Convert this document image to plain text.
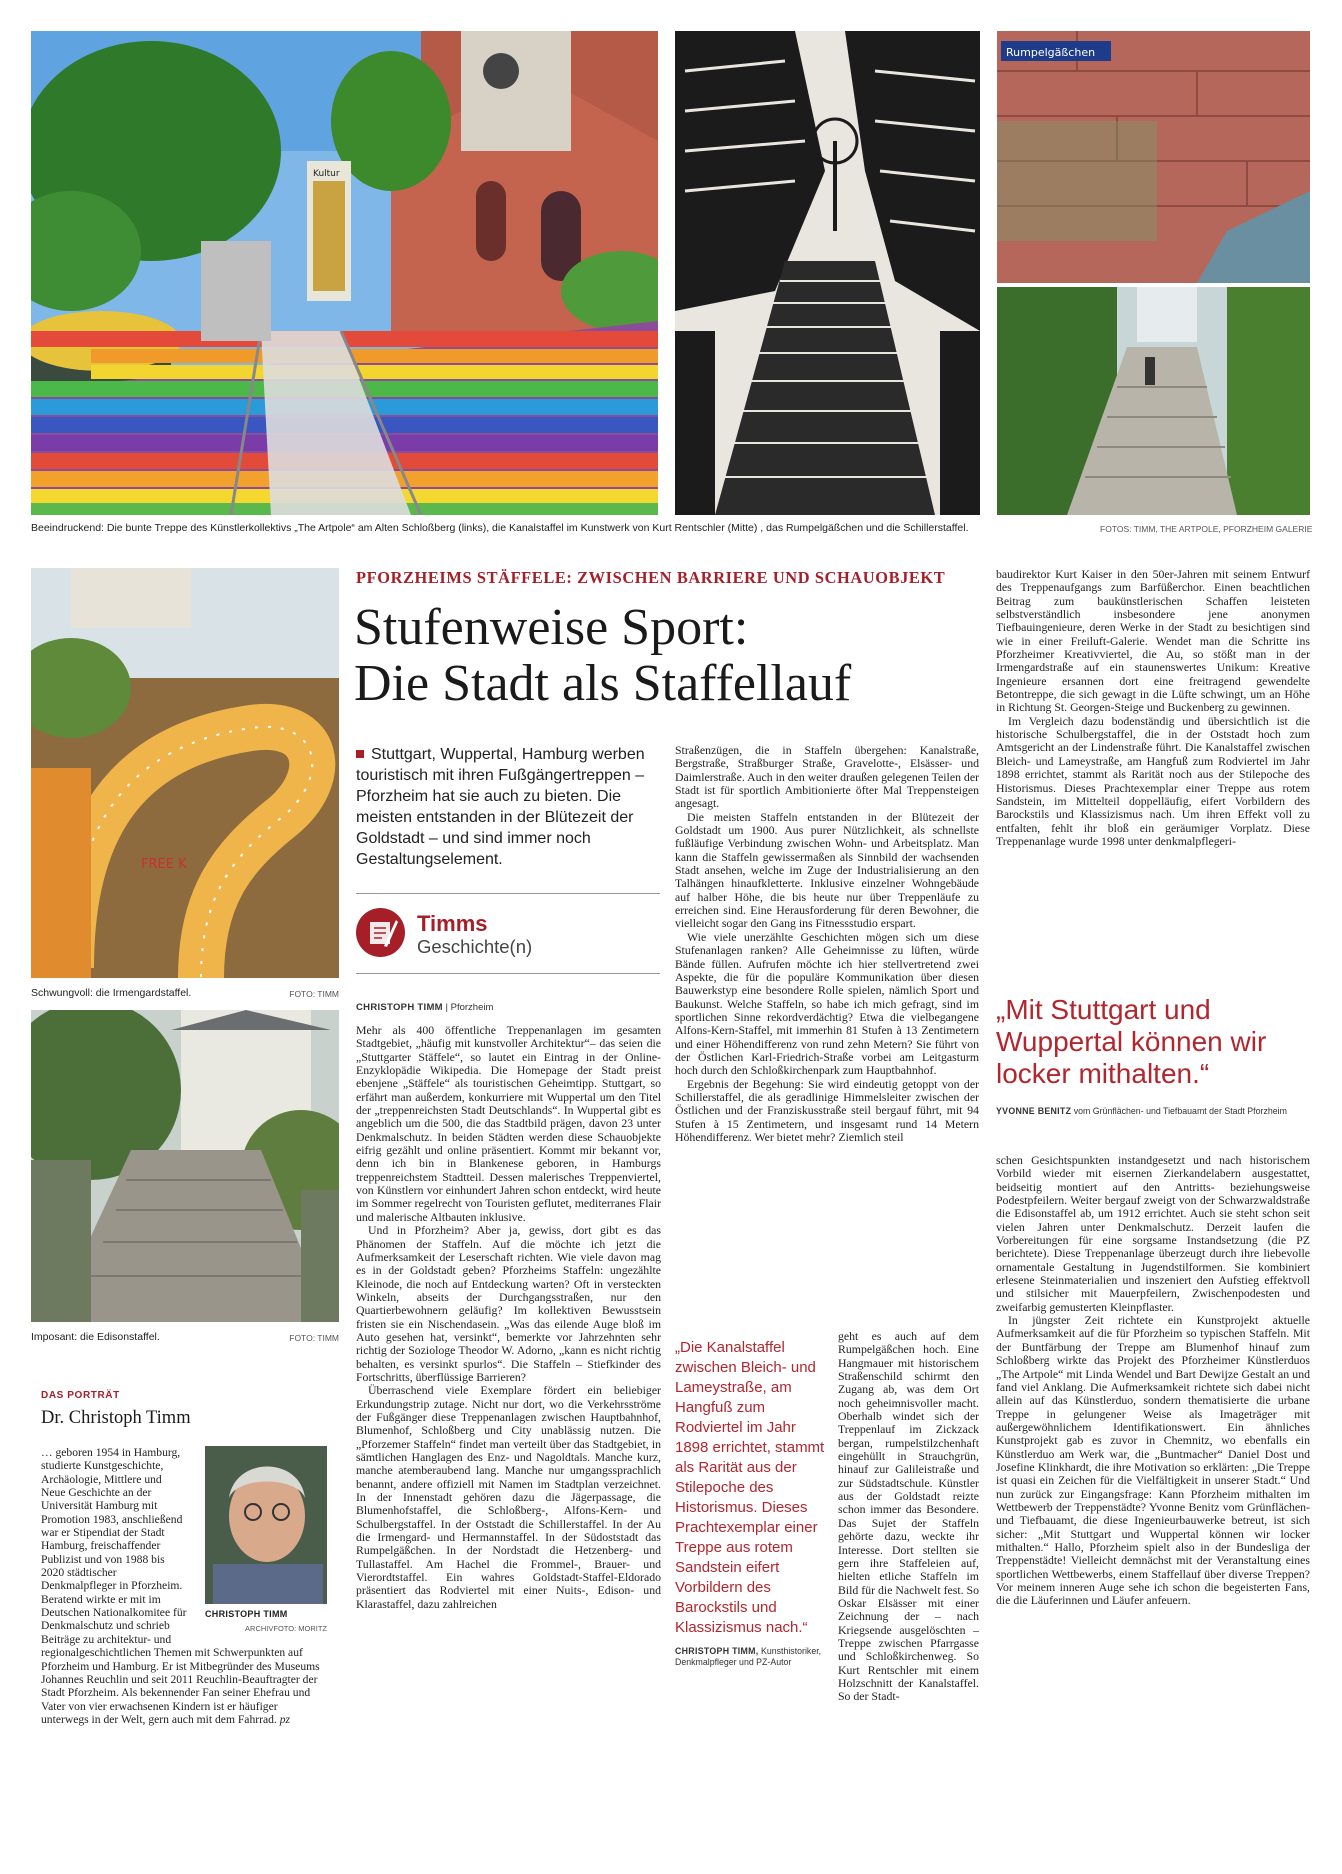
Kultur
Rumpelgäßchen
Beeindruckend: Die bunte Treppe des Künstlerkollektivs „The Artpole“ am Alten Schloßberg (links), die Kanalstaffel im Kunstwerk von Kurt Rentschler (Mitte) , das Rumpelgäßchen und die Schillerstaffel.	FOTOS: TIMM, THE ARTPOLE, PFORZHEIM GALERIE
FREE K
Schwungvoll: die Irmengardstaffel.	FOTO: TIMM
Imposant: die Edisonstaffel.	FOTO: TIMM
DAS PORTRÄT
Dr. Christoph Timm
CHRISTOPH TIMM
ARCHIVFOTO: MORITZ
… geboren 1954 in Hamburg, studierte Kunstgeschichte, Archäologie, Mittlere und Neue Geschichte an der Universität Hamburg mit Promotion 1983, anschließend war er Stipendiat der Stadt Hamburg, freischaffender Publizist und von 1988 bis 2020 städtischer Denkmalpfleger in Pforzheim. Beratend wirkte er mit im Deutschen Nationalkomitee für Denkmalschutz und schrieb Beiträge zu architektur- und regionalgeschichtlichen Themen mit Schwerpunkten auf Pforzheim und Hamburg. Er ist Mitbegründer des Museums Johannes Reuchlin und seit 2011 Reuchlin-Beauftragter der Stadt Pforzheim. Als bekennender Fan seiner Ehefrau und Vater von vier erwachsenen Kindern ist er häufiger unterwegs in der Welt, gern auch mit dem Fahrrad. pz
PFORZHEIMS STÄFFELE: ZWISCHEN BARRIERE UND SCHAUOBJEKT
Stufenweise Sport:
Die Stadt als Staffellauf
Stuttgart, Wuppertal, Hamburg werben touristisch mit ihren Fußgängertreppen – Pforzheim hat sie auch zu bieten. Die meisten entstanden in der Blütezeit der Goldstadt – und sind immer noch Gestaltungselement.
Timms
Geschichte(n)
CHRISTOPH TIMM | Pforzheim

Mehr als 400 öffentliche Treppenanlagen im gesamten Stadtgebiet, „häufig mit kunstvoller Architektur“– das seien die „Stuttgarter Stäffele“, so lautet ein Eintrag in der Online-Enzyklopädie Wikipedia. Die Homepage der Stadt preist ebenjene „Stäffele“ als touristischen Geheimtipp. Stuttgart, so erfährt man außerdem, konkurriere mit Wuppertal um den Titel der „treppenreichsten Stadt Deutschlands“. In Wuppertal gibt es angeblich um die 500, die das Stadtbild prägen, davon 23 unter Denkmalschutz. In beiden Städten werden diese Schauobjekte eifrig gezählt und online präsentiert. Kommt mir bekannt vor, denn ich bin in Blankenese geboren, in Hamburgs treppenreichstem Stadtteil. Dessen malerisches Treppenviertel, von Künstlern vor einhundert Jahren schon entdeckt, wird heute im Sommer regelrecht von Touristen geflutet, mediterranes Flair und malerische Altbauten inklusive.

Und in Pforzheim? Aber ja, gewiss, dort gibt es das Phänomen der Staffeln. Auf die möchte ich jetzt die Aufmerksamkeit der Leserschaft richten. Wie viele davon mag es in der Goldstadt geben? Pforzheims Staffeln: ungezählte Kleinode, die noch auf Entdeckung warten? Oft in versteckten Winkeln, abseits der Durchgangsstraßen, nur den Quartierbewohnern geläufig? Im kollektiven Bewusstsein fristen sie ein Nischendasein. „Was das eilende Auge bloß im Auto gesehen hat, versinkt“, bemerkte vor Jahrzehnten sehr richtig der Soziologe Theodor W. Adorno, „kann es nicht richtig behalten, es versinkt spurlos“. Die Staffeln – Stiefkinder des Fortschritts, überflüssige Barrieren?

Überraschend viele Exemplare fördert ein beliebiger Erkundungstrip zutage. Nicht nur dort, wo die Verkehrsströme der Fußgänger diese Treppenanlagen zwischen Hauptbahnhof, Blumenhof, Schloßberg und City unablässig nutzen. Die „Pforzemer Staffeln“ findet man verteilt über das Stadtgebiet, in sämtlichen Hanglagen des Enz- und Nagoldtals. Manche kurz, manche atemberaubend lang. Manche nur umgangssprachlich benannt, andere offiziell mit Namen im Stadtplan verzeichnet. In der Innenstadt gehören dazu die Jägerpassage, die Blumenhofstaffel, die Schloßberg-, Alfons-Kern- und Schulbergstaffel. In der Oststadt die Schillerstaffel. In der Au die Irmengard- und Hermannstaffel. In der Südoststadt das Rumpelgäßchen. In der Nordstadt die Hetzenberg- und Tullastaffel. Am Hachel die Frommel-, Brauer- und Vierordtstaffel. Ein wahres Goldstadt-Staffel-Eldorado präsentiert das Rodviertel mit einer Nuits-, Edison- und Klarastaffel, dazu zahlreichen

Straßenzügen, die in Staffeln übergehen: Kanalstraße, Bergstraße, Straßburger Straße, Gravelotte-, Elsässer- und Daimlerstraße. Auch in den weiter draußen gelegenen Teilen der Stadt ist für sportlich Ambitionierte öfter Mal Treppensteigen angesagt.

Die meisten Staffeln entstanden in der Blütezeit der Goldstadt um 1900. Aus purer Nützlichkeit, als schnellste fußläufige Verbindung zwischen Wohn- und Arbeitsplatz. Man kann die Staffeln gewissermaßen als Sinnbild der wachsenden Stadt ansehen, welche im Zuge der Industrialisierung an den Talhängen hinaufkletterte. Inklusive einzelner Wohngebäude auf halber Höhe, die bis heute nur über Treppenläufe zu erreichen sind. Eine Herausforderung für deren Bewohner, die vielleicht sogar den Gang ins Fitnessstudio erspart.

Wie viele unerzählte Geschichten mögen sich um diese Stufenanlagen ranken? Alle Geheimnisse zu lüften, würde Bände füllen. Aufrufen möchte ich hier stellvertretend zwei Aspekte, die für die populäre Kommunikation über diesen Bauwerkstyp eine besondere Rolle spielen, nämlich Sport und Baukunst. Welche Staffeln, so habe ich mich gefragt, sind im sportlichen Sinne rekordverdächtig? Etwa die vielbegangene Alfons-Kern-Staffel, mit immerhin 81 Stufen à 13 Zentimetern und einer Höhendifferenz von rund zehn Metern? Sie führt von der Östlichen Karl-Friedrich-Straße vorbei am Leitgasturm hoch durch den Schloßkirchenpark zum Hauptbahnhof.

Ergebnis der Begehung: Sie wird eindeutig getoppt von der Schillerstaffel, die als geradlinige Himmelsleiter zwischen der Östlichen und der Franziskusstraße steil bergauf führt, mit 94 Stufen à 15 Zentimetern, und insgesamt rund 14 Metern Höhendifferenz. Wer bietet mehr? Ziemlich steil

„Die Kanalstaffel zwischen Bleich- und Lameystraße, am Hangfuß zum Rodviertel im Jahr 1898 errichtet, stammt als Rarität aus der Stilepoche des Historismus. Dieses Prachtexemplar einer Treppe aus rotem Sandstein eifert Vorbildern des Barockstils und Klassizismus nach.“
CHRISTOPH TIMM, Kunsthistoriker, Denkmalpfleger und PZ-Autor

geht es auch auf dem Rumpelgäßchen hoch. Eine Hangmauer mit historischem Straßenschild schirmt den Zugang ab, was dem Ort noch geheimnisvoller macht. Oberhalb windet sich der Treppenlauf im Zickzack bergan, rumpelstilzchenhaft eingehüllt in Strauchgrün, hinauf zur Galileistraße und zur Südstadtschule. Künstler aus der Goldstadt reizte schon immer das Besondere. Das Sujet der Staffeln gehörte dazu, weckte ihr Interesse. Dort stellten sie gern ihre Staffeleien auf, hielten etliche Staffeln im Bild für die Nachwelt fest. So Oskar Elsässer mit einer Zeichnung der – nach Kriegsende ausgelöschten – Treppe zwischen Pfarrgasse und Schloßkirchenweg. So Kurt Rentschler mit einem Holzschnitt der Kanalstaffel. So der Stadt-

baudirektor Kurt Kaiser in den 50er-Jahren mit seinem Entwurf des Treppenaufgangs zum Barfüßerchor. Einen beachtlichen Beitrag zum baukünstlerischen Schaffen leisteten selbstverständlich insbesondere jene anonymen Tiefbauingenieure, deren Werke in der Stadt zu besichtigen sind wie in einer Freiluft-Galerie. Wendet man die Schritte ins Pforzheimer Kreativviertel, die Au, so stößt man in der Irmengardstraße auf ein staunenswertes Unikum: Kreative Ingenieure ersannen dort eine freitragend gewendelte Betontreppe, die sich gewagt in die Lüfte schwingt, um an Höhe in Richtung St. Georgen-Steige und Buckenberg zu gewinnen.

Im Vergleich dazu bodenständig und übersichtlich ist die historische Schulbergstaffel, die in der Oststadt hoch zum Amtsgericht an der Lindenstraße führt. Die Kanalstaffel zwischen Bleich- und Lameystraße, am Hangfuß zum Rodviertel im Jahr 1898 errichtet, stammt als Rarität noch aus der Stilepoche des Historismus. Dieses Prachtexemplar einer Treppe aus rotem Sandstein, im Mittelteil doppelläufig, eifert Vorbildern des Barockstils und Klassizismus nach. Um ihren Effekt voll zu entfalten, fehlt ihr bloß ein geräumiger Vorplatz. Diese Treppenanlage wurde 1998 unter denkmalpflegeri-

„Mit Stuttgart und Wuppertal können wir locker mithalten.“
YVONNE BENITZ vom Grünflächen- und Tiefbauamt der Stadt Pforzheim

schen Gesichtspunkten instandgesetzt und nach historischem Vorbild wieder mit eisernen Zierkandelabern ausgestattet, beidseitig montiert auf den Antritts- beziehungsweise Podestpfeilern. Weiter bergauf zweigt von der Schwarzwaldstraße die Edisonstaffel ab, um 1912 errichtet. Auch sie steht schon seit vielen Jahren unter Denkmalschutz. Derzeit laufen die Vorbereitungen für eine sorgsame Instandsetzung (die PZ berichtete). Diese Treppenanlage überzeugt durch ihre liebevolle ornamentale Gestaltung in Jugendstilformen. Sie kombiniert erlesene Steinmaterialien und inszeniert den Aufstieg effektvoll und stilsicher mit Mauerpfeilern, Zwischenpodesten und zweifarbig gemusterten Kleinpflaster.

In jüngster Zeit richtete ein Kunstprojekt aktuelle Aufmerksamkeit auf die für Pforzheim so typischen Staffeln. Mit der Buntfärbung der Treppe am Blumenhof hinauf zum Schloßberg wirkte das Projekt des Pforzheimer Künstlerduos „The Artpole“ mit Linda Wendel und Bart Dewijze Gestalt an und fand viel Anklang. Die Aufmerksamkeit richtete sich dabei nicht allein auf das Künstlerduo, sondern thematisierte die urbane Treppe in gelungener Weise als Imageträger mit außergewöhnlichem Identifikationswert. Ein ähnliches Kunstprojekt gab es zuvor in Chemnitz, wo ebenfalls ein Künstlerduo am Werk war, die „Buntmacher“ Daniel Dost und Josefine Klinkhardt, die ihre Motivation so erklärten: „Die Treppe ist quasi ein Zeichen für die Vielfältigkeit in unserer Stadt.“ Und nun zurück zur Eingangsfrage: Kann Pforzheim mithalten im Wettbewerb der Treppenstädte? Yvonne Benitz vom Grünflächen- und Tiefbauamt, die diese Ingenieurbauwerke betreut, ist sich sicher: „Mit Stuttgart und Wuppertal können wir locker mithalten.“ Hallo, Pforzheim spielt also in der Bundesliga der Treppenstädte! Vielleicht demnächst mit der Veranstaltung eines sportlichen Wettbewerbs, einem Staffellauf über diverse Treppen? Vor meinem inneren Auge sehe ich schon die begeisterten Fans, die die Läuferinnen und Läufer anfeuern.
